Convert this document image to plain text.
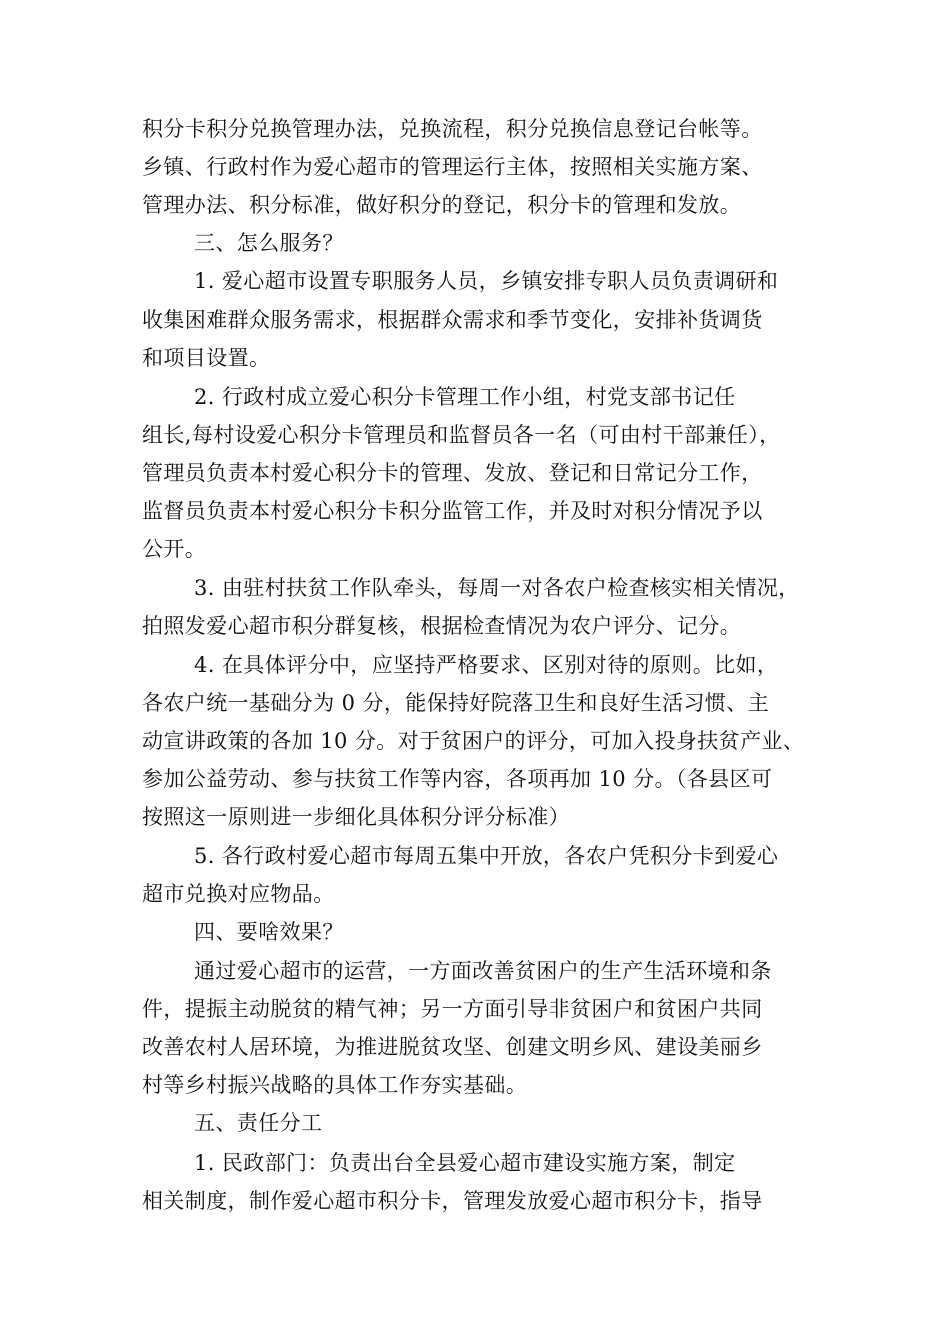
积分卡积分兑换管理办法，兑换流程，积分兑换信息登记台帐等。
乡镇、行政村作为爱心超市的管理运行主体，按照相关实施方案、
管理办法、积分标准，做好积分的登记，积分卡的管理和发放。
三、怎么服务？
1. 爱心超市设置专职服务人员，乡镇安排专职人员负责调研和
收集困难群众服务需求，根据群众需求和季节变化，安排补货调货
和项目设置。
2. 行政村成立爱心积分卡管理工作小组，村党支部书记任
组长,每村设爱心积分卡管理员和监督员各一名（可由村干部兼任），
管理员负责本村爱心积分卡的管理、发放、登记和日常记分工作，
监督员负责本村爱心积分卡积分监管工作，并及时对积分情况予以
公开。
3. 由驻村扶贫工作队牵头，每周一对各农户检查核实相关情况，
拍照发爱心超市积分群复核，根据检查情况为农户评分、记分。
4. 在具体评分中，应坚持严格要求、区别对待的原则。比如，
各农户统一基础分为 0 分，能保持好院落卫生和良好生活习惯、主
动宣讲政策的各加 10 分。对于贫困户的评分，可加入投身扶贫产业、
参加公益劳动、参与扶贫工作等内容，各项再加 10 分。（各县区可
按照这一原则进一步细化具体积分评分标准）
5. 各行政村爱心超市每周五集中开放，各农户凭积分卡到爱心
超市兑换对应物品。
四、要啥效果？
通过爱心超市的运营，一方面改善贫困户的生产生活环境和条
件，提振主动脱贫的精气神；另一方面引导非贫困户和贫困户共同
改善农村人居环境，为推进脱贫攻坚、创建文明乡风、建设美丽乡
村等乡村振兴战略的具体工作夯实基础。
五、责任分工
1. 民政部门：负责出台全县爱心超市建设实施方案，制定
相关制度，制作爱心超市积分卡，管理发放爱心超市积分卡，指导
